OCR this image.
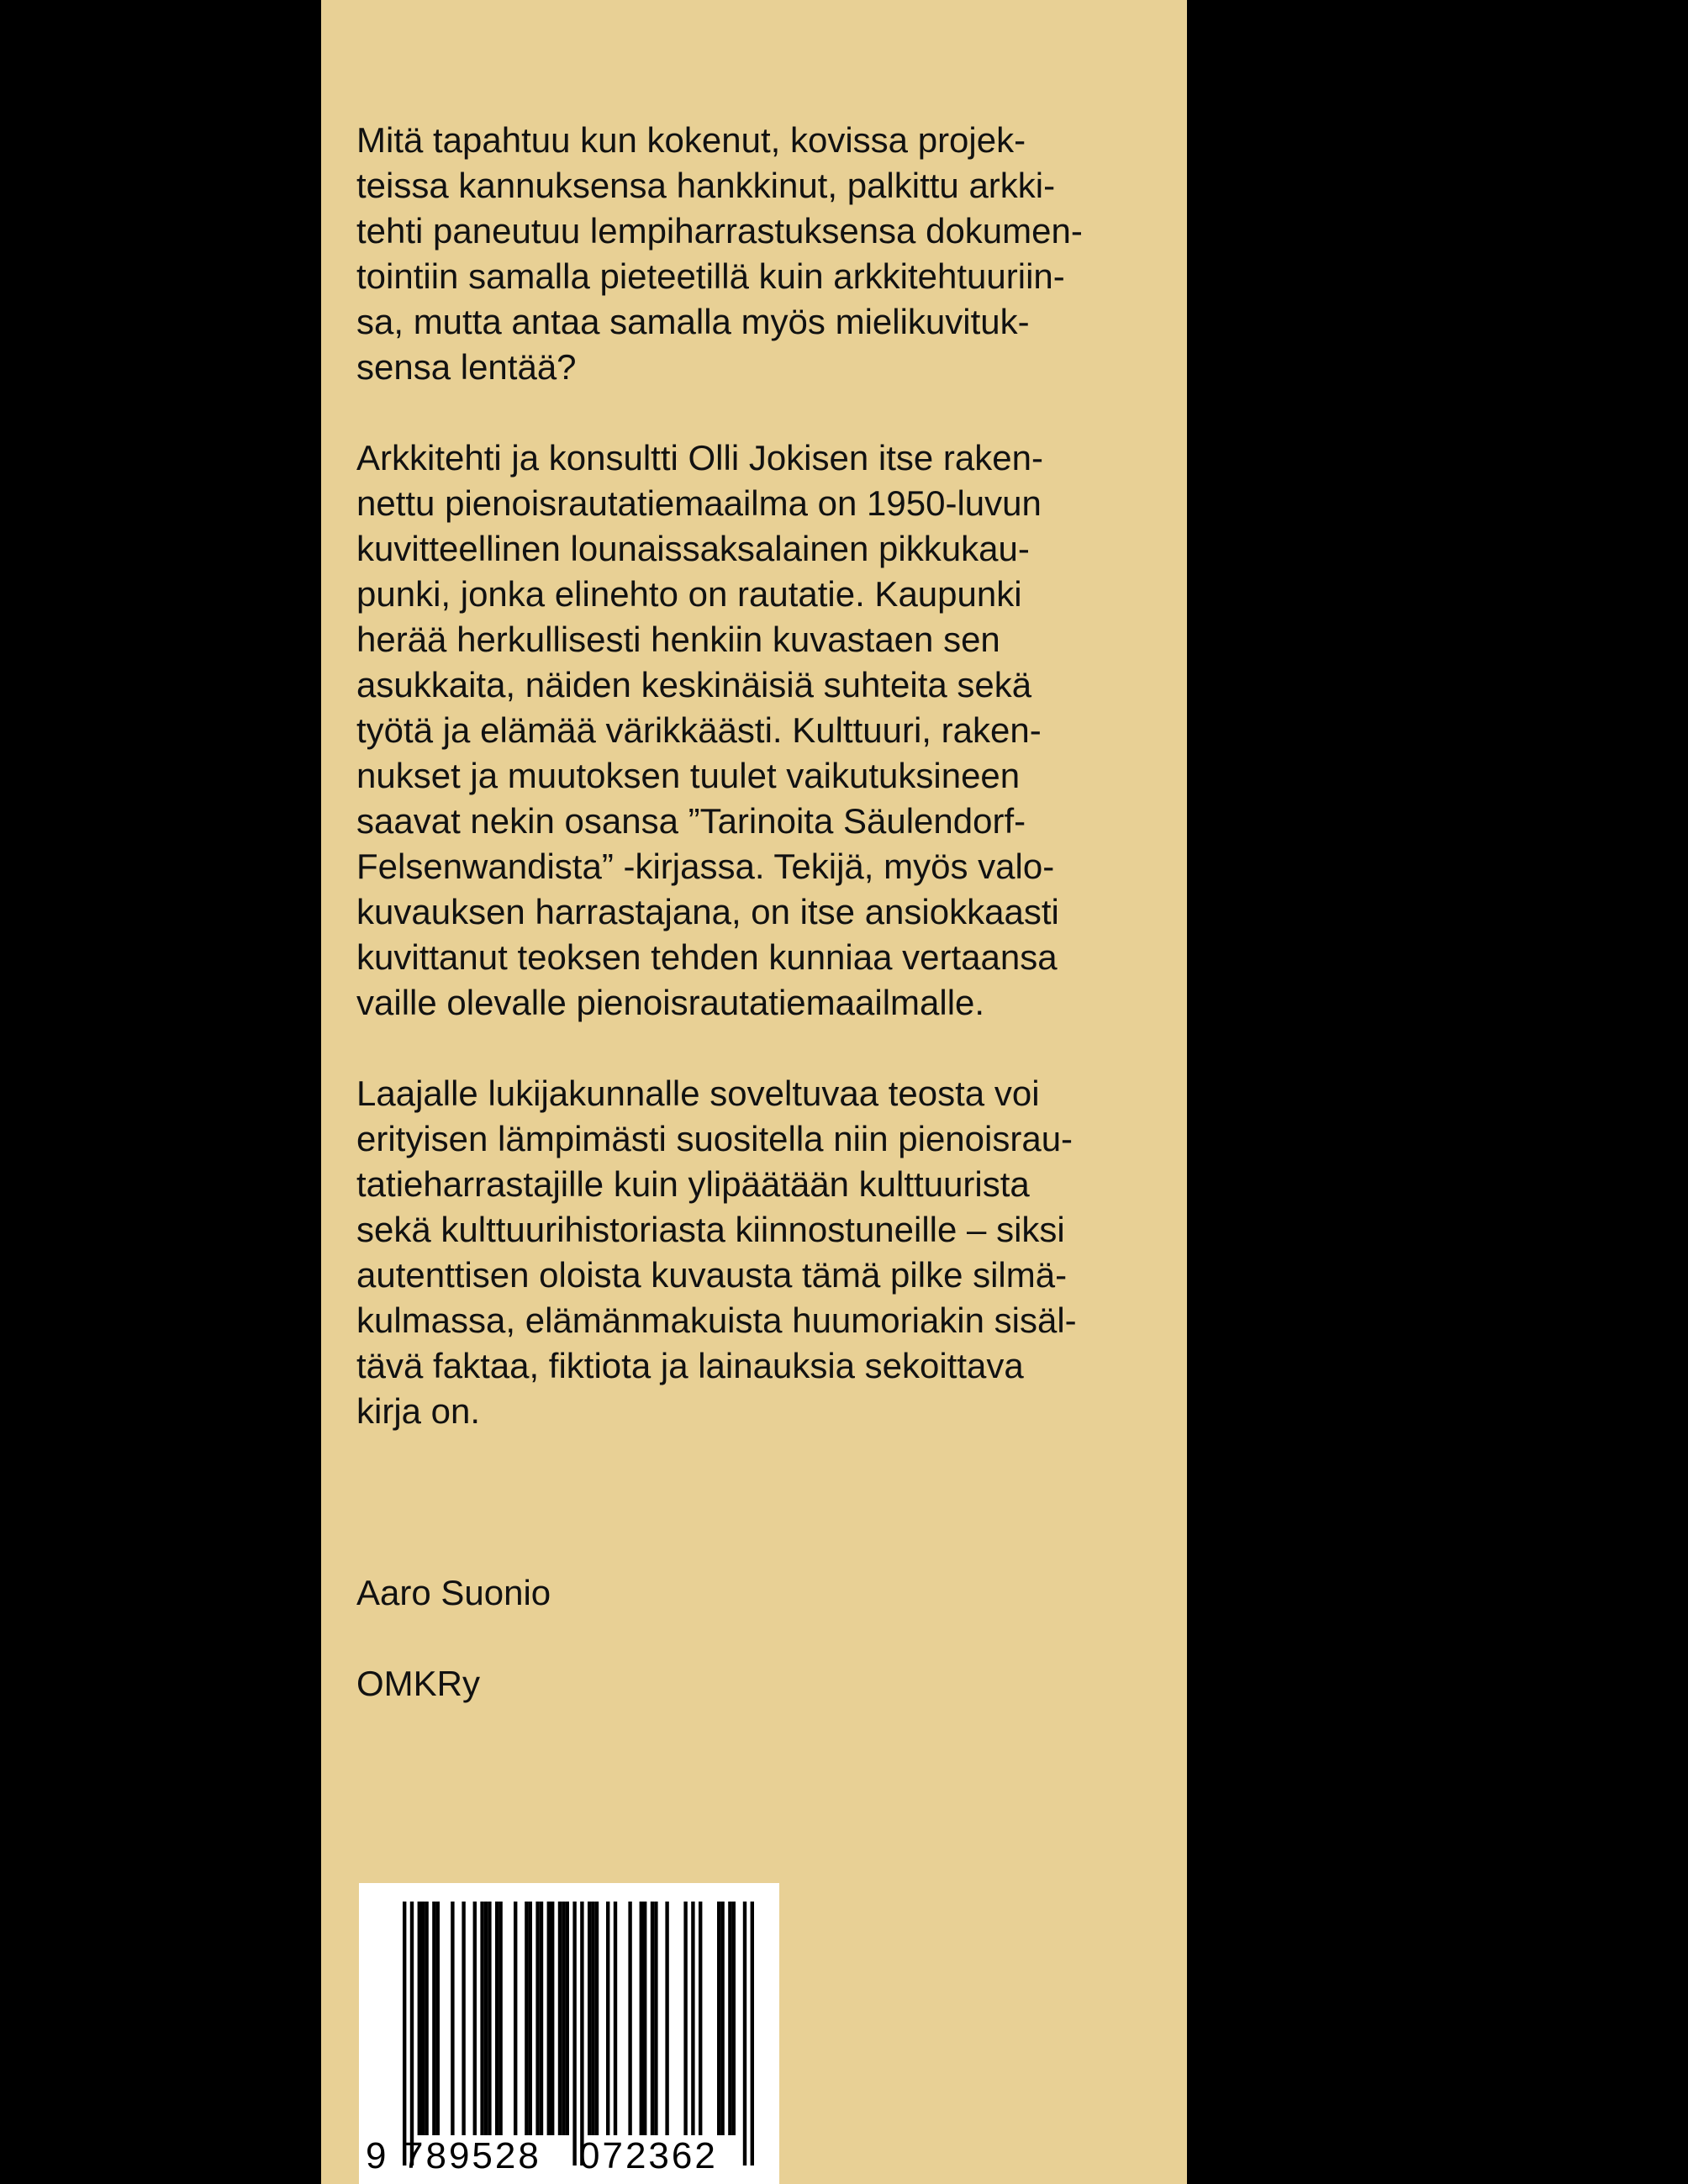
Mitä tapahtuu kun kokenut, kovissa projek-
teissa kannuksensa hankkinut, palkittu arkki-
tehti paneutuu lempiharrastuksensa dokumen-
tointiin samalla pieteetillä kuin arkkitehtuuriin-
sa, mutta antaa samalla myös mielikuvituk-
sensa lentää?

Arkkitehti ja konsultti Olli Jokisen itse raken-
nettu pienoisrautatiemaailma on 1950-luvun
kuvitteellinen lounaissaksalainen pikkukau-
punki, jonka elinehto on rautatie. Kaupunki
herää herkullisesti henkiin kuvastaen sen
asukkaita, näiden keskinäisiä suhteita sekä
työtä ja elämää värikkäästi. Kulttuuri, raken-
nukset ja muutoksen tuulet vaikutuksineen
saavat nekin osansa ”Tarinoita Säulendorf-
Felsenwandista” -kirjassa. Tekijä, myös valo-
kuvauksen harrastajana, on itse ansiokkaasti
kuvittanut teoksen tehden kunniaa vertaansa
vaille olevalle pienoisrautatiemaailmalle.

Laajalle lukijakunnalle soveltuvaa teosta voi
erityisen lämpimästi suositella niin pienoisrau-
tatieharrastajille kuin ylipäätään kulttuurista
sekä kulttuurihistoriasta kiinnostuneille – siksi
autenttisen oloista kuvausta tämä pilke silmä-
kulmassa, elämänmakuista huumoriakin sisäl-
tävä faktaa, fiktiota ja lainauksia sekoittava
kirja on.

Aaro Suonio

OMKRy

9 789528 072362
